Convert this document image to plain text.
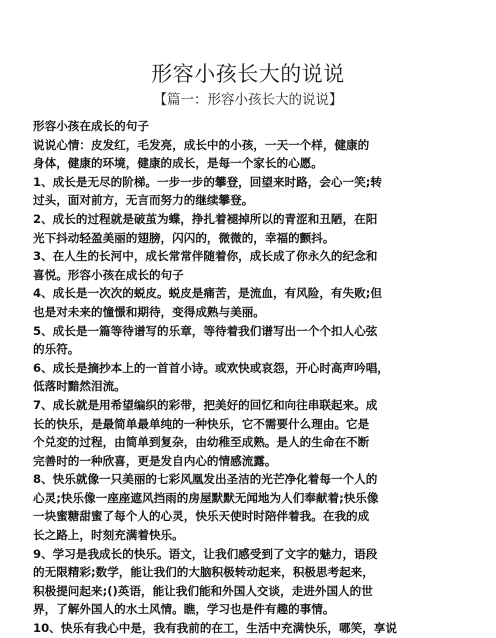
形容小孩长大的说说
【篇一：形容小孩长大的说说】
形容小孩在成长的句子
说说心情：皮发红，毛发亮，成长中的小孩，一天一个样，健康的
身体，健康的环境，健康的成长，是每一个家长的心愿。
1、成长是无尽的阶梯。一步一步的攀登，回望来时路，会心一笑;转
过头，面对前方，无言而努力的继续攀登。
2、成长的过程就是破茧为蝶，挣扎着褪掉所以的青涩和丑陋，在阳
光下抖动轻盈美丽的翅膀，闪闪的，微微的，幸福的颤抖。
3、在人生的长河中，成长常常伴随着你，成长成了你永久的纪念和
喜悦。形容小孩在成长的句子
4、成长是一次次的蜕皮。蜕皮是痛苦，是流血，有风险，有失败;但
也是对未来的憧憬和期待，变得成熟与美丽。
5、成长是一篇等待谱写的乐章，等待着我们谱写出一个个扣人心弦
的乐符。
6、成长是摘抄本上的一首首小诗。或欢快或哀怨，开心时高声吟唱，
低落时黯然泪流。
7、成长就是用希望编织的彩带，把美好的回忆和向往串联起来。成
长的快乐，是最简单最单纯的一种快乐，它不需要什么理由。它是
个兑変的过程，由简单到复杂，由幼稚至成熟。是人的生命在不断
完善时的一种欣喜，更是发自内心的情感流露。
8、快乐就像一只美丽的七彩风凰发出圣洁的光芒净化着每一个人的
心灵;快乐像一座座遮风挡雨的房屋默默无闻地为人们奉献着;快乐像
一块蜜糖甜蜜了每个人的心灵，快乐天使时时陪伴着我。在我的成
长之路上，时刻充满着快乐。
9、学习是我成长的快乐。语文，让我们感受到了文字的魅力，语段
的无限精彩;数学，能让我们的大脑积极转动起来，积极思考起来，
积极提问起来;()英语，能让我们能和外国人交谈，走进外国人的世
界，了解外国人的水土风情。瞧，学习也是件有趣的事情。
10、快乐有我心中是，我有我前的在工，生活中充满快乐，哪笑，享说
